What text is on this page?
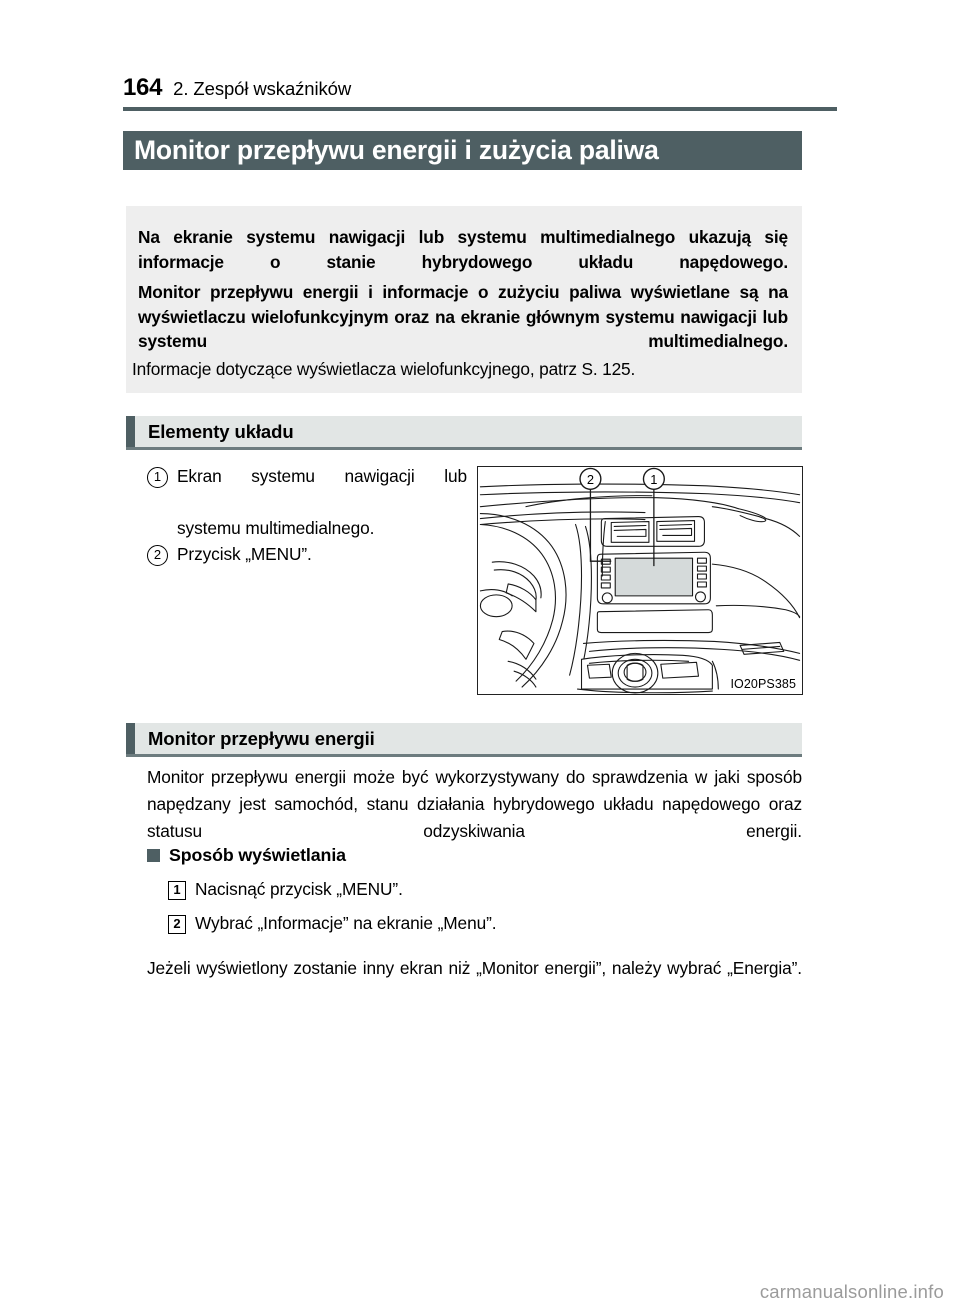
164 2. Zespół wskaźników
Monitor przepływu energii i zużycia paliwa
Na ekranie systemu nawigacji lub systemu multimedialnego ukazują się informacje o stanie hybrydowego układu napędowego.
Monitor przepływu energii i informacje o zużyciu paliwa wyświetlane są na wyświetlaczu wielofunkcyjnym oraz na ekranie głównym systemu nawigacji lub systemu multimedialnego.
Informacje dotyczące wyświetlacza wielofunkcyjnego, patrz S. 125.
Elementy układu
1 Ekran systemu nawigacji lub
systemu multimedialnego.
2 Przycisk „MENU”.
2	1
IO20PS385
Monitor przepływu energii
Monitor przepływu energii może być wykorzystywany do sprawdzenia w jaki sposób napędzany jest samochód, stanu działania hybrydowego układu napędowego oraz statusu odzyskiwania energii.
Sposób wyświetlania
1 Nacisnąć przycisk „MENU”.
2 Wybrać „Informacje” na ekranie „Menu”.
Jeżeli wyświetlony zostanie inny ekran niż „Monitor energii”, należy wybrać „Energia”.
carmanualsonline.info
